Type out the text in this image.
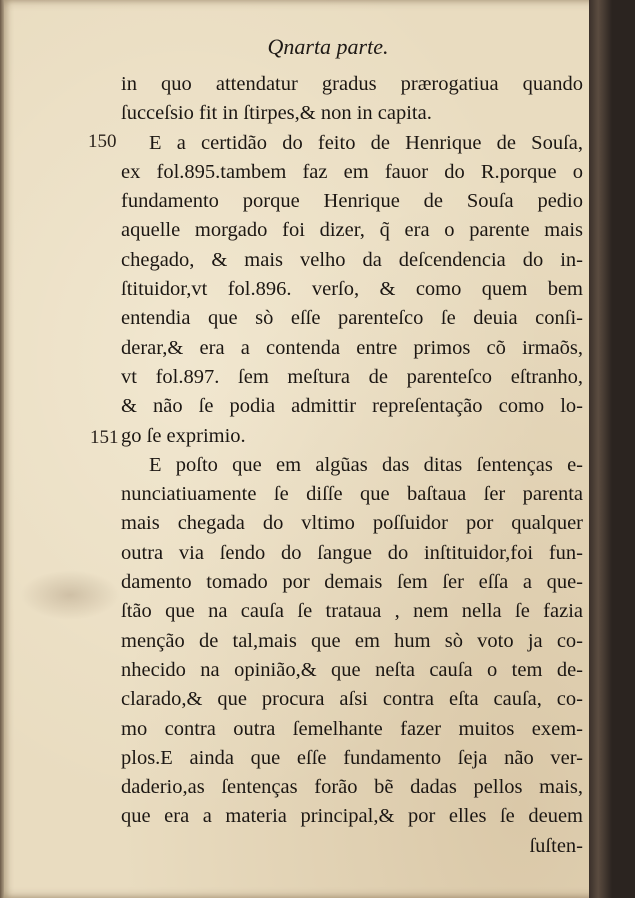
Qnarta parte.
150
151
in quo attendatur gradus prærogatiua quando
ſucceſsio fit in ſtirpes,& non in capita.
E a certidão do feito de Henrique de Souſa,
ex fol.895.tambem faz em fauor do R.porque o
fundamento porque Henrique de Souſa pedio
aquelle morgado foi dizer, q̃ era o parente mais
chegado, & mais velho da deſcendencia do in-
ſtituidor,vt fol.896. verſo, & como quem bem
entendia que sò eſſe parenteſco ſe deuia conſi-
derar,& era a contenda entre primos cõ irmaõs,
vt fol.897. ſem meſtura de parenteſco eſtranho,
& não ſe podia admittir repreſentação como lo-
go ſe exprimio.
E poſto que em algũas das ditas ſentenças e-
nunciatiuamente ſe diſſe que baſtaua ſer parenta
mais chegada do vltimo poſſuidor por qualquer
outra via ſendo do ſangue do inſtituidor,foi fun-
damento tomado por demais ſem ſer eſſa a que-
ſtão que na cauſa ſe trataua , nem nella ſe fazia
menção de tal,mais que em hum sò voto ja co-
nhecido na opinião,& que neſta cauſa o tem de-
clarado,& que procura aſsi contra eſta cauſa, co-
mo contra outra ſemelhante fazer muitos exem-
plos.E ainda que eſſe fundamento ſeja não ver-
daderio,as ſentenças forão bẽ dadas pellos mais,
que era a materia principal,& por elles ſe deuem
ſuſten-
